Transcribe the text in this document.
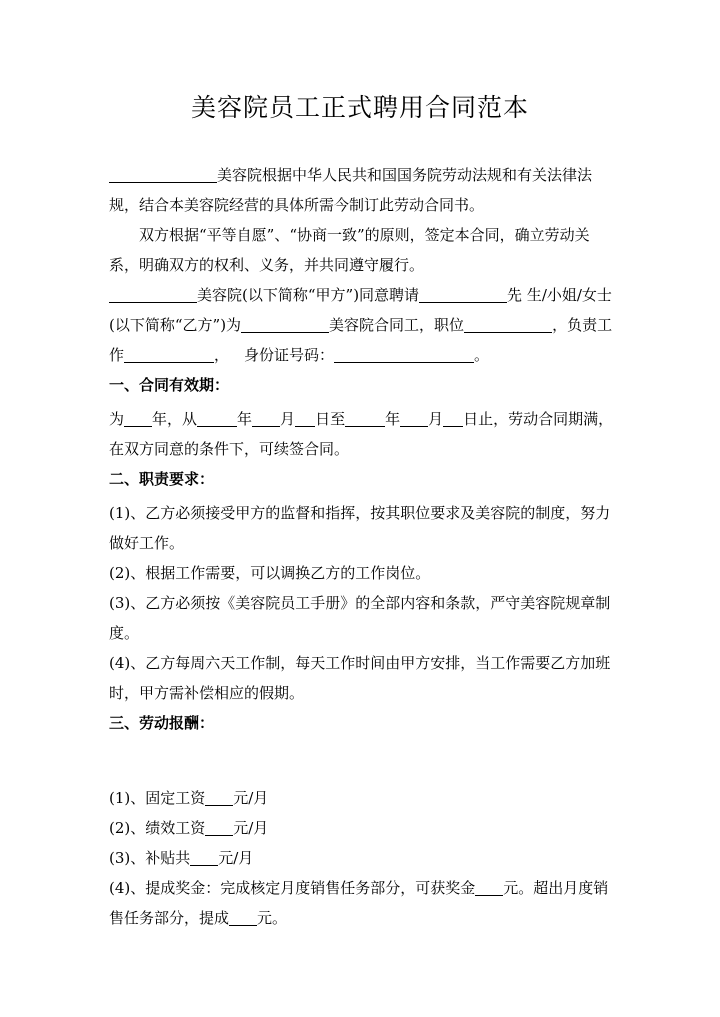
美容院员工正式聘用合同范本

美容院根据中华人民共和国国务院劳动法规和有关法律法规，结合本美容院经营的具体所需今制订此劳动合同书。

双方根据“平等自愿”、“协商一致”的原则，签定本合同，确立劳动关系，明确双方的权利、义务，并共同遵守履行。

美容院(以下简称“甲方”)同意聘请	先 生/小姐/女士(以下简称“乙方”)为	美容院合同工，职位	，负责工作	， 身份证号码：	。

一、合同有效期：

为 年，从	年 月 日至	年 月 日止，劳动合同期满，在双方同意的条件下，可续签合同。

二、职责要求：

(1)、乙方必须接受甲方的监督和指挥，按其职位要求及美容院的制度，努力做好工作。

(2)、根据工作需要，可以调换乙方的工作岗位。

(3)、乙方必须按《美容院员工手册》的全部内容和条款，严守美容院规章制度。

(4)、乙方每周六天工作制，每天工作时间由甲方安排，当工作需要乙方加班时，甲方需补偿相应的假期。

三、劳动报酬：

(1)、固定工资 元/月

(2)、绩效工资 元/月

(3)、补贴共 元/月

(4)、提成奖金：完成核定月度销售任务部分，可获奖金 元。超出月度销售任务部分，提成 元。
